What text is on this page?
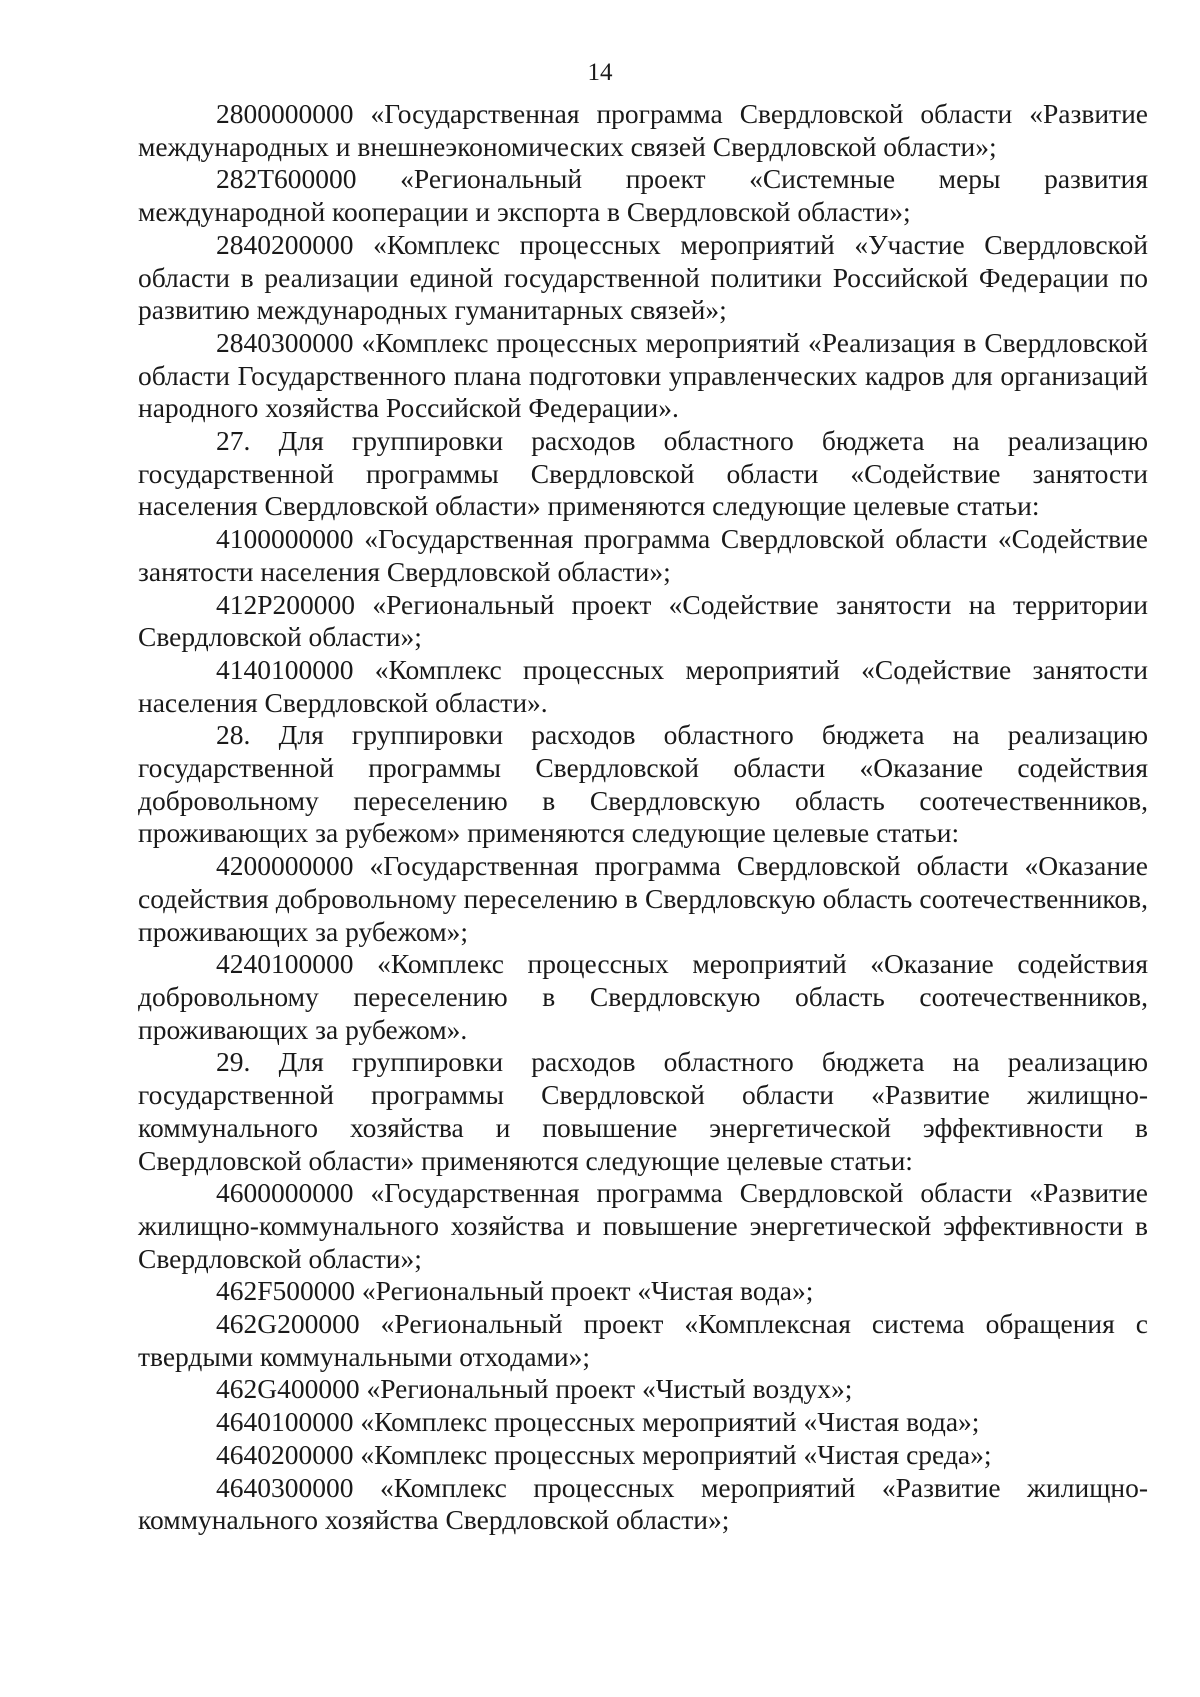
14

2800000000 «Государственная программа Свердловской области «Развитие международных и внешнеэкономических связей Свердловской области»;

282Т600000 «Региональный проект «Системные меры развития международной кооперации и экспорта в Свердловской области»;

2840200000 «Комплекс процессных мероприятий «Участие Свердловской области в реализации единой государственной политики Российской Федерации по развитию международных гуманитарных связей»;

2840300000 «Комплекс процессных мероприятий «Реализация в Свердловской области Государственного плана подготовки управленческих кадров для организаций народного хозяйства Российской Федерации».

27. Для группировки расходов областного бюджета на реализацию государственной программы Свердловской области «Содействие занятости населения Свердловской области» применяются следующие целевые статьи:

4100000000 «Государственная программа Свердловской области «Содействие занятости населения Свердловской области»;

412Р200000 «Региональный проект «Содействие занятости на территории Свердловской области»;

4140100000 «Комплекс процессных мероприятий «Содействие занятости населения Свердловской области».

28. Для группировки расходов областного бюджета на реализацию государственной программы Свердловской области «Оказание содействия добровольному переселению в Свердловскую область соотечественников, проживающих за рубежом» применяются следующие целевые статьи:

4200000000 «Государственная программа Свердловской области «Оказание содействия добровольному переселению в Свердловскую область соотечественников, проживающих за рубежом»;

4240100000 «Комплекс процессных мероприятий «Оказание содействия добровольному переселению в Свердловскую область соотечественников, проживающих за рубежом».

29. Для группировки расходов областного бюджета на реализацию государственной программы Свердловской области «Развитие жилищно-коммунального хозяйства и повышение энергетической эффективности в Свердловской области» применяются следующие целевые статьи:

4600000000 «Государственная программа Свердловской области «Развитие жилищно-коммунального хозяйства и повышение энергетической эффективности в Свердловской области»;

462F500000 «Региональный проект «Чистая вода»;

462G200000 «Региональный проект «Комплексная система обращения с твердыми коммунальными отходами»;

462G400000 «Региональный проект «Чистый воздух»;

4640100000 «Комплекс процессных мероприятий «Чистая вода»;

4640200000 «Комплекс процессных мероприятий «Чистая среда»;

4640300000 «Комплекс процессных мероприятий «Развитие жилищно-коммунального хозяйства Свердловской области»;
